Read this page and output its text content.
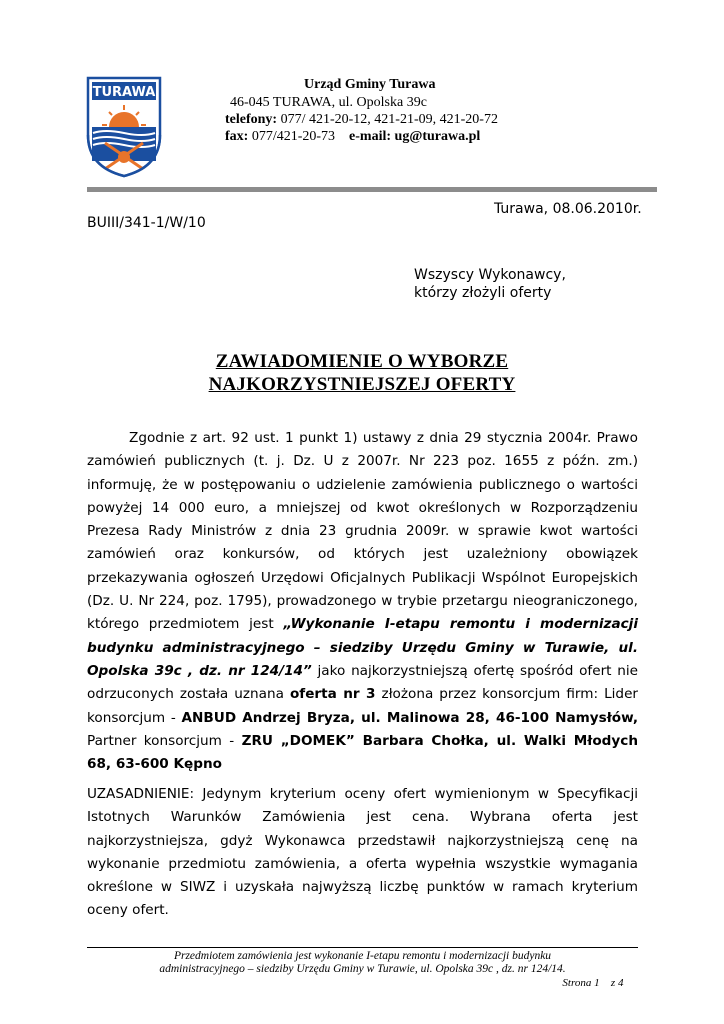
TURAWA
Urząd Gminy Turawa
46-045 TURAWA, ul. Opolska 39c
telefony: 077/ 421-20-12, 421-21-09, 421-20-72
fax: 077/421-20-73 e-mail: ug@turawa.pl
Turawa, 08.06.2010r.
BUIII/341-1/W/10
Wszyscy Wykonawcy,
którzy złożyli oferty
ZAWIADOMIENIE O WYBORZE
NAJKORZYSTNIEJSZEJ OFERTY
Zgodnie z art. 92 ust. 1 punkt 1) ustawy z dnia 29 stycznia 2004r. Prawo zamówień publicznych (t. j. Dz. U z 2007r. Nr 223 poz. 1655 z późn. zm.) informuję, że w postępowaniu o udzielenie zamówienia publicznego o wartości powyżej 14 000 euro, a mniejszej od kwot określonych w Rozporządzeniu Prezesa Rady Ministrów z dnia 23 grudnia 2009r. w sprawie kwot wartości zamówień oraz konkursów, od których jest uzależniony obowiązek przekazywania ogłoszeń Urzędowi Oficjalnych Publikacji Wspólnot Europejskich (Dz. U. Nr 224, poz. 1795), prowadzonego w trybie przetargu nieograniczonego, którego przedmiotem jest „Wykonanie I-etapu remontu i modernizacji budynku administracyjnego – siedziby Urzędu Gminy w Turawie, ul. Opolska 39c , dz. nr 124/14” jako najkorzystniejszą ofertę spośród ofert nie odrzuconych została uznana oferta nr 3 złożona przez konsorcjum firm: Lider konsorcjum - ANBUD Andrzej Bryza, ul. Malinowa 28, 46-100 Namysłów, Partner konsorcjum - ZRU „DOMEK” Barbara Chołka, ul. Walki Młodych 68, 63-600 Kępno
UZASADNIENIE: Jedynym kryterium oceny ofert wymienionym w Specyfikacji Istotnych Warunków Zamówienia jest cena. Wybrana oferta jest najkorzystniejsza, gdyż Wykonawca przedstawił najkorzystniejszą cenę na wykonanie przedmiotu zamówienia, a oferta wypełnia wszystkie wymagania określone w SIWZ i uzyskała najwyższą liczbę punktów w ramach kryterium oceny ofert.
Przedmiotem zamówienia jest wykonanie I-etapu remontu i modernizacji budynku
administracyjnego – siedziby Urzędu Gminy w Turawie, ul. Opolska 39c , dz. nr 124/14.
Strona 1  z 4 
